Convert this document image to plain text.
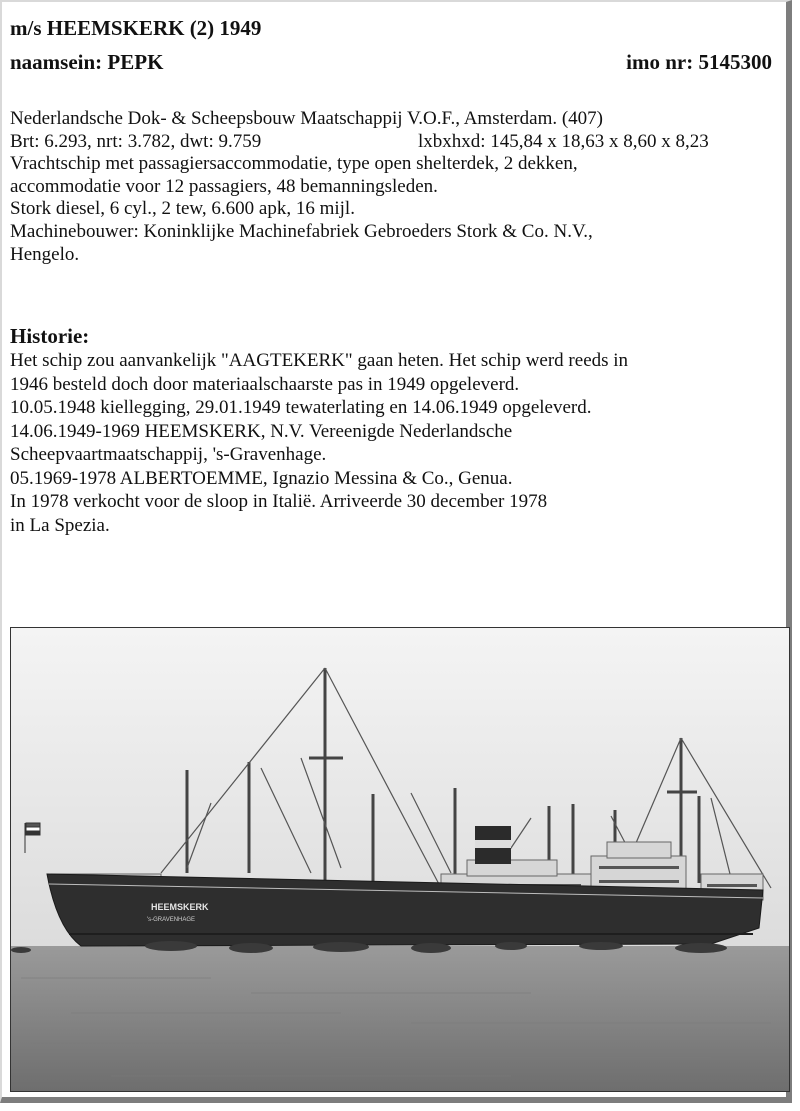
m/s HEEMSKERK (2) 1949
naamsein: PEPK	imo nr: 5145300
Nederlandsche Dok- & Scheepsbouw Maatschappij V.O.F., Amsterdam. (407)
Brt: 6.293, nrt: 3.782, dwt: 9.759	lxbxhxd: 145,84 x 18,63 x 8,60 x 8,23
Vrachtschip met passagiersaccommodatie, type open shelterdek, 2 dekken,
accommodatie voor 12 passagiers, 48 bemanningsleden.
Stork diesel, 6 cyl., 2 tew, 6.600 apk, 16 mijl.
Machinebouwer: Koninklijke Machinefabriek Gebroeders Stork & Co. N.V.,
Hengelo.
Historie:
Het schip zou aanvankelijk "AAGTEKERK" gaan heten. Het schip werd reeds in
1946 besteld doch door materiaalschaarste pas in 1949 opgeleverd.
10.05.1948 kiellegging, 29.01.1949 tewaterlating en 14.06.1949 opgeleverd.
14.06.1949-1969 HEEMSKERK, N.V. Vereenigde Nederlandsche
Scheepvaartmaatschappij, 's-Gravenhage.
05.1969-1978 ALBERTOEMME, Ignazio Messina & Co., Genua.
In 1978 verkocht voor de sloop in Italië. Arriveerde 30 december 1978
in La Spezia.
HEEMSKERK
's-GRAVENHAGE
